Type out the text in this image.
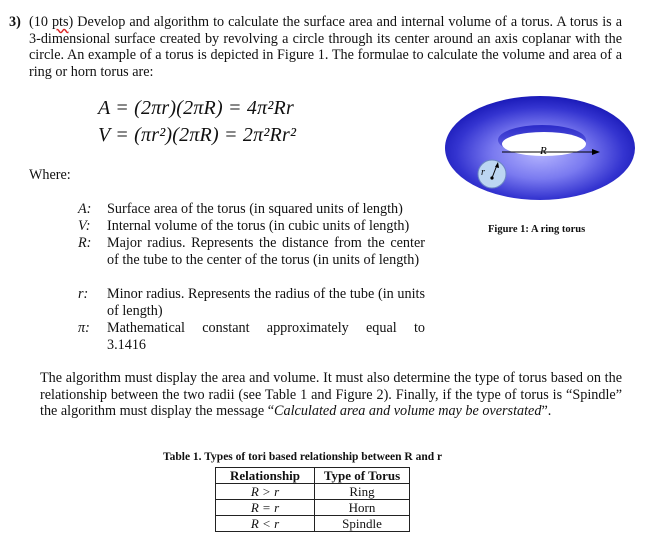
3) (10 pts) Develop and algorithm to calculate the surface area and internal volume of a torus. A torus is a 3-dimensional surface created by revolving a circle through its center around an axis coplanar with the circle. An example of a torus is depicted in Figure 1. The formulae to calculate the volume and area of a ring or horn torus are:
A = (2πr)(2πR) = 4π²Rr
V = (πr²)(2πR) = 2π²Rr²
Where:
A: Surface area of the torus (in squared units of length)
V: Internal volume of the torus (in cubic units of length)
R: Major radius. Represents the distance from the center of the tube to the center of the torus (in units of length)
r: Minor radius. Represents the radius of the tube (in units of length)
π: Mathematical constant approximately equal to 3.1416
R
r
Figure 1: A ring torus
The algorithm must display the area and volume. It must also determine the type of torus based on the relationship between the two radii (see Table 1 and Figure 2). Finally, if the type of torus is “Spindle” the algorithm must display the message “Calculated area and volume may be overstated”.
Table 1. Types of tori based relationship between R and r
Relationship	Type of Torus
R > r	Ring
R = r	Horn
R < r	Spindle
